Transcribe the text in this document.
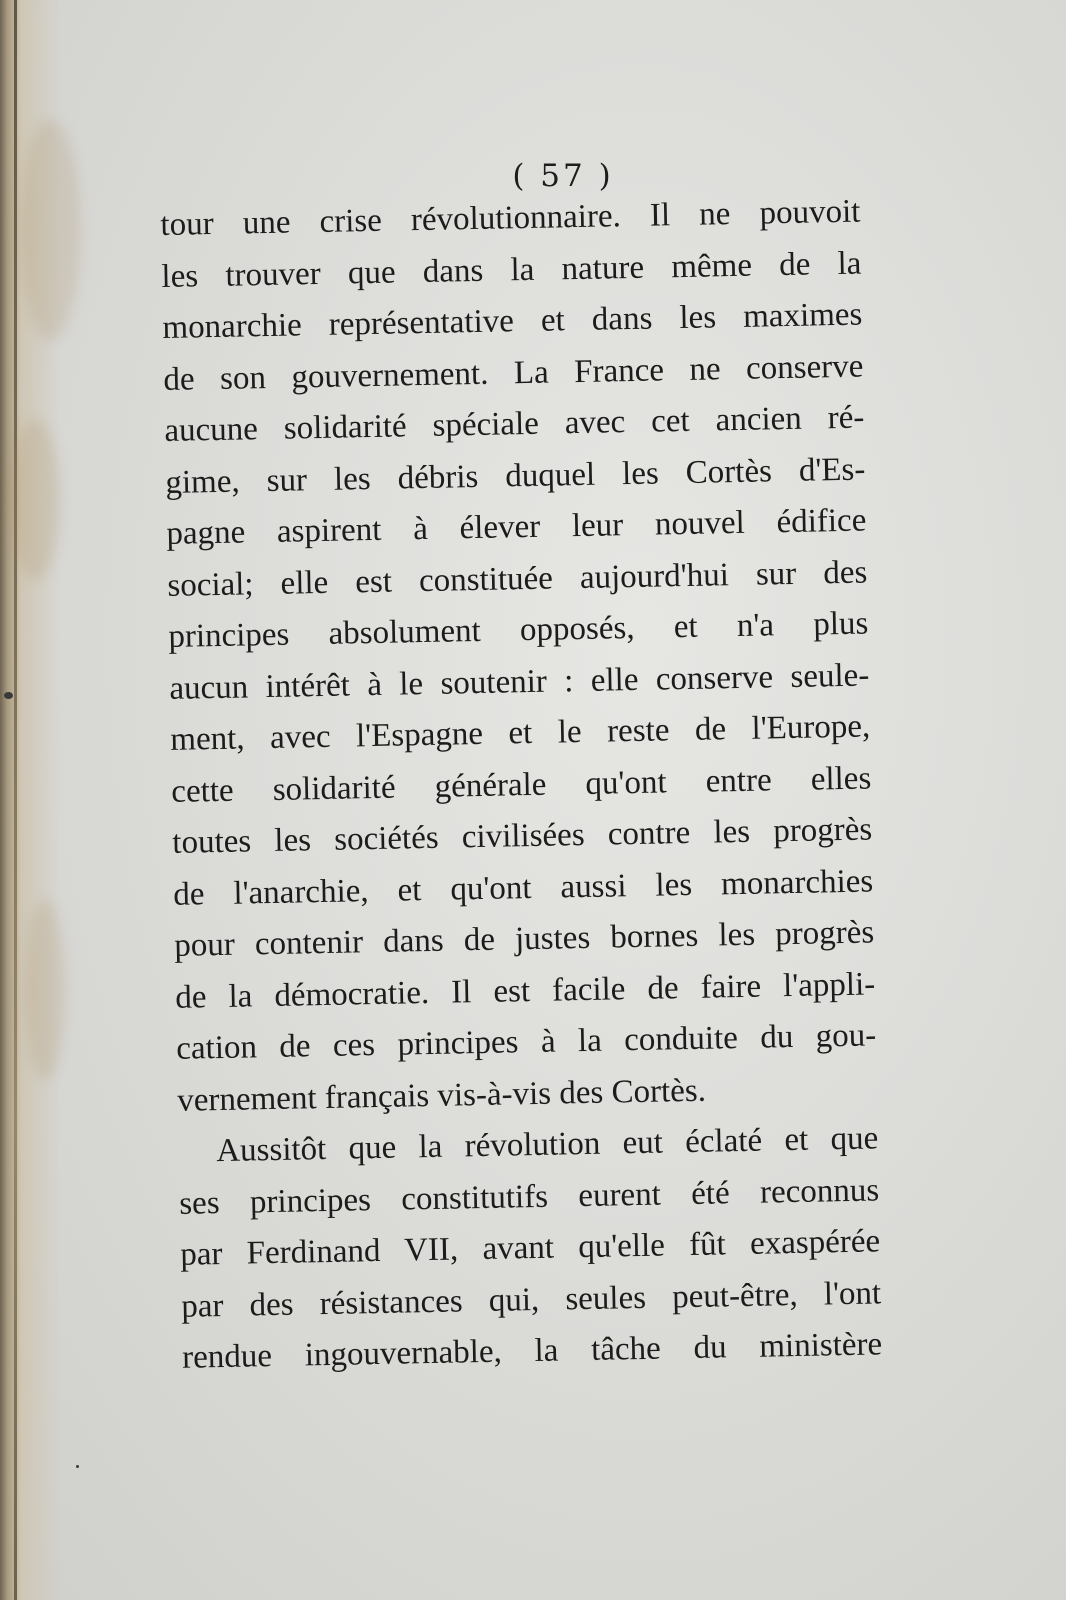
( 57 )
tour une crise révolutionnaire. Il ne pouvoit
les trouver que dans la nature même de la
monarchie représentative et dans les maximes
de son gouvernement. La France ne conserve
aucune solidarité spéciale avec cet ancien ré-
gime, sur les débris duquel les Cortès d'Es-
pagne aspirent à élever leur nouvel édifice
social; elle est constituée aujourd'hui sur des
principes absolument opposés, et n'a plus
aucun intérêt à le soutenir : elle conserve seule-
ment, avec l'Espagne et le reste de l'Europe,
cette solidarité générale qu'ont entre elles
toutes les sociétés civilisées contre les progrès
de l'anarchie, et qu'ont aussi les monarchies
pour contenir dans de justes bornes les progrès
de la démocratie. Il est facile de faire l'appli-
cation de ces principes à la conduite du gou-
vernement français vis-à-vis des Cortès.
Aussitôt que la révolution eut éclaté et que
ses principes constitutifs eurent été reconnus
par Ferdinand VII, avant qu'elle fût exaspérée
par des résistances qui, seules peut-être, l'ont
rendue ingouvernable, la tâche du ministère
